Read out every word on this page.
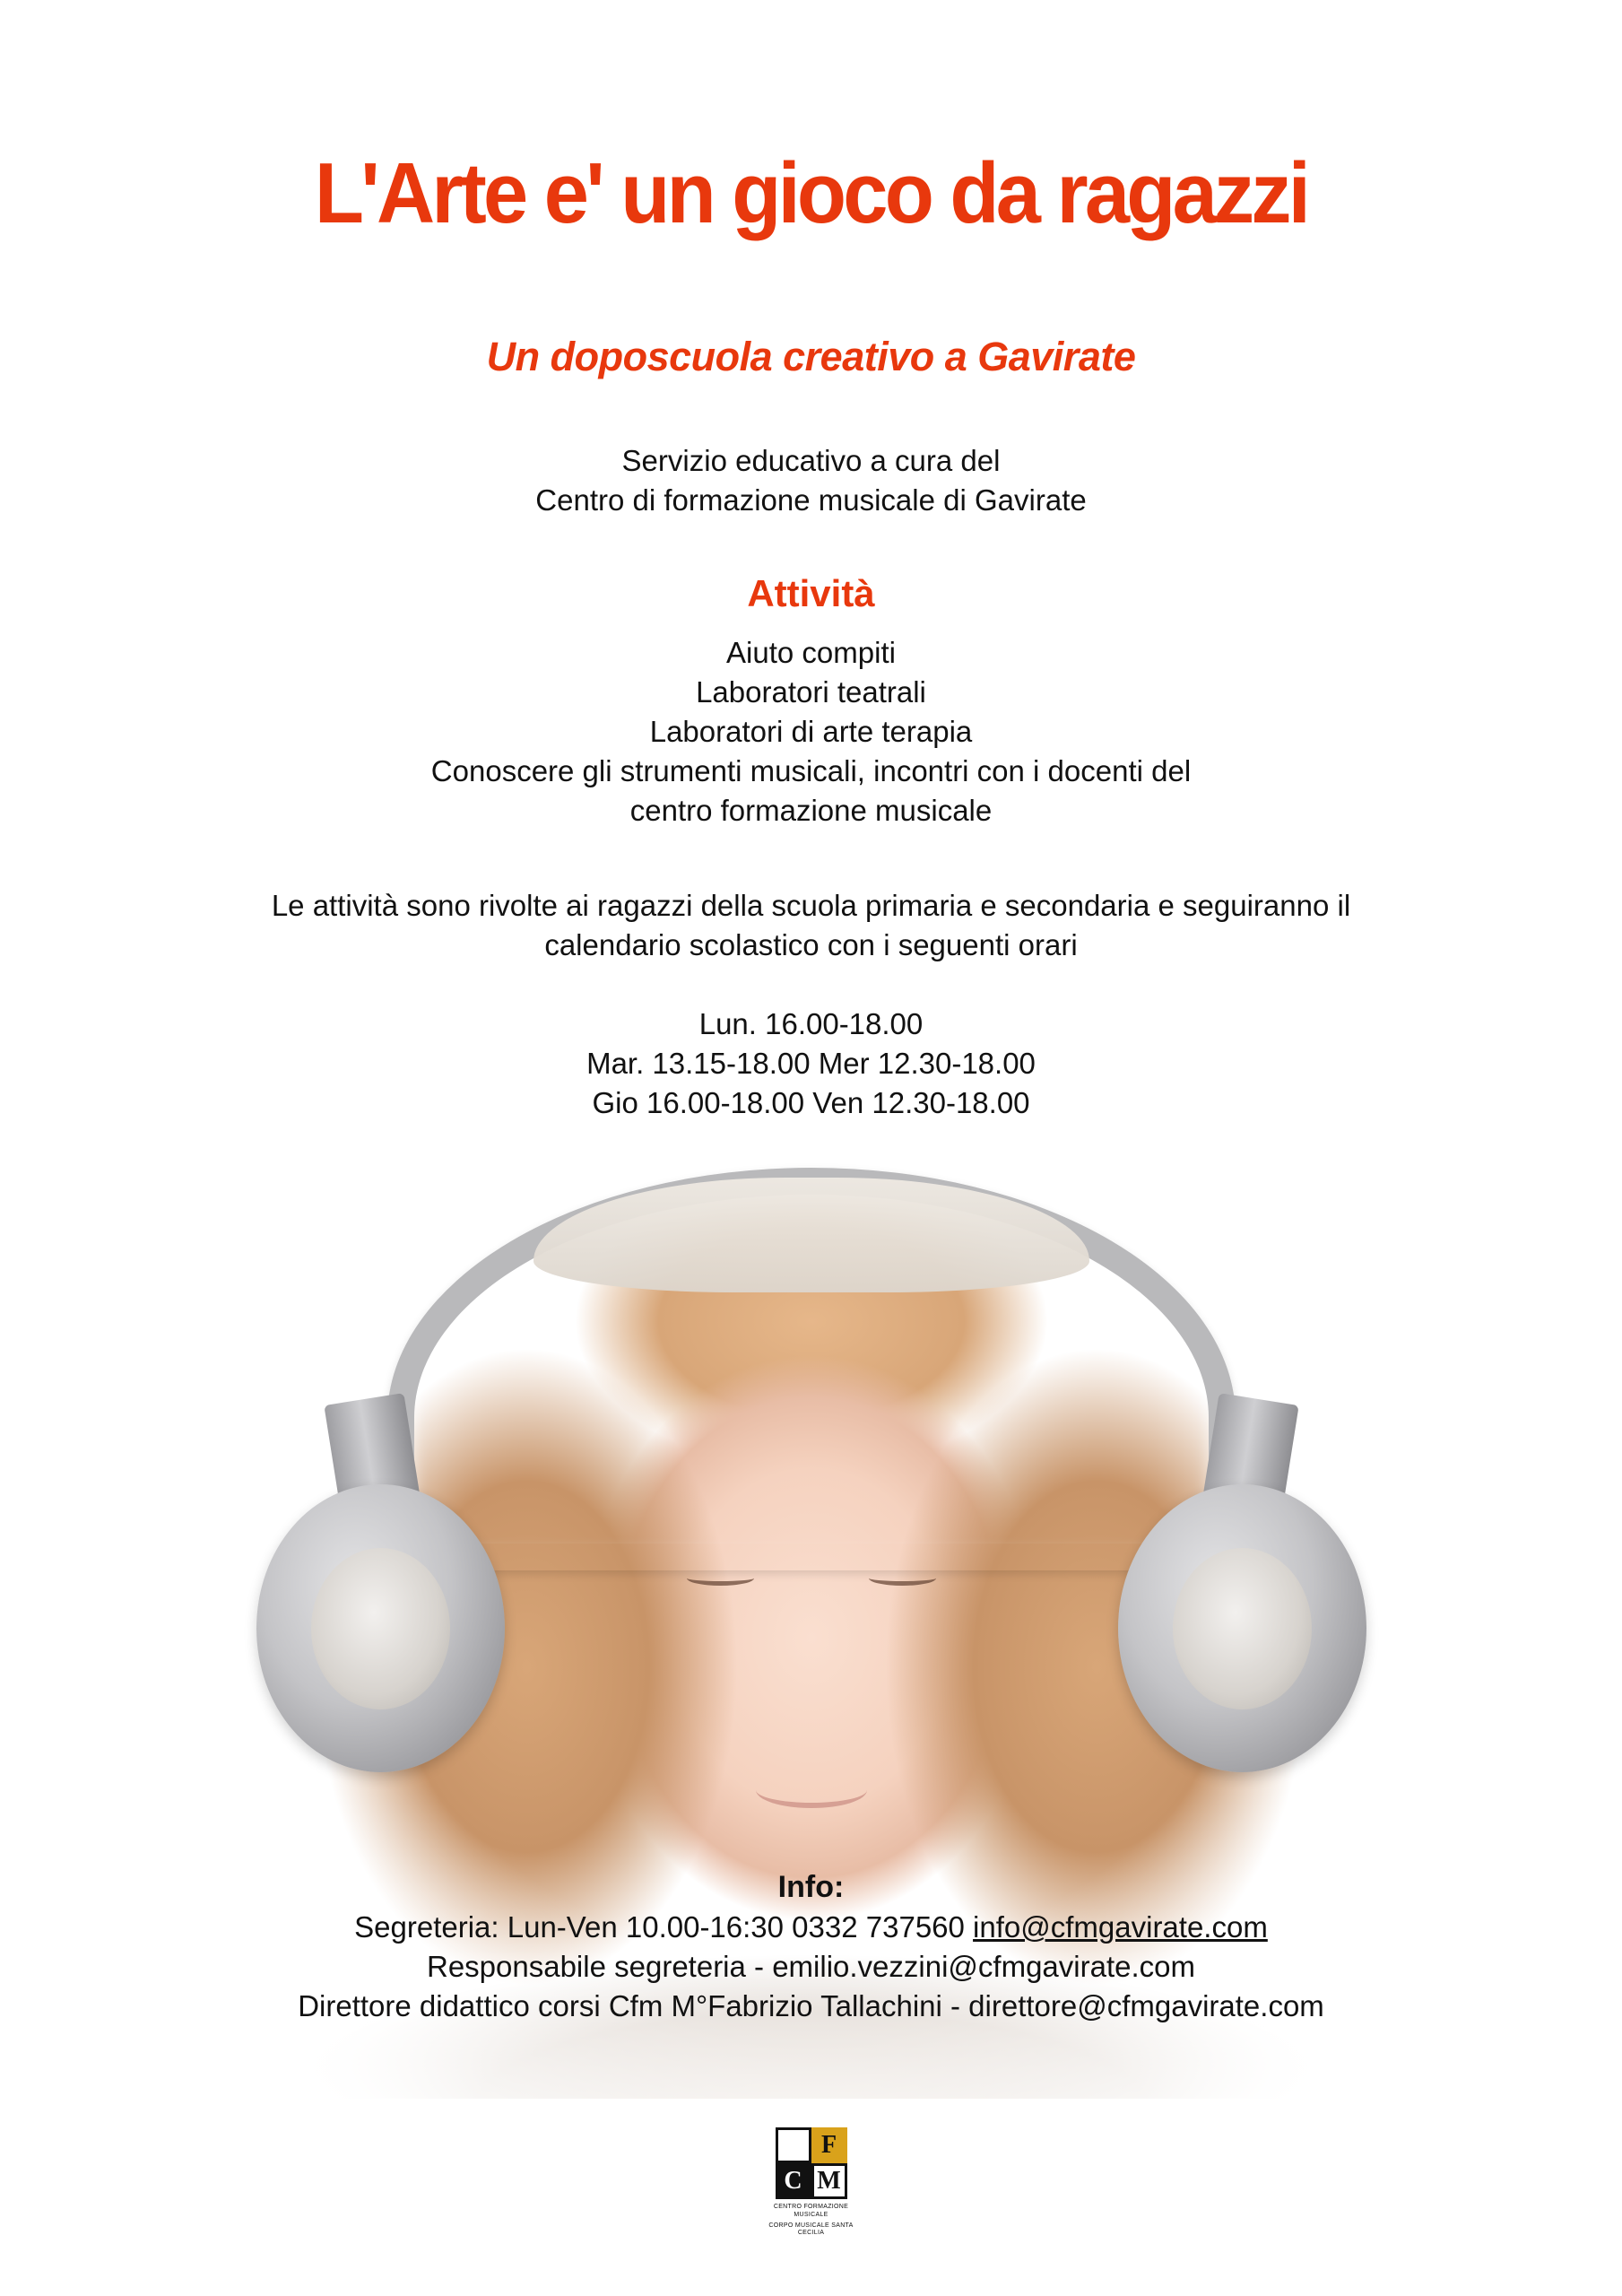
L'Arte e' un gioco da ragazzi
Un doposcuola creativo a Gavirate
Servizio educativo a cura del
Centro di formazione musicale di Gavirate
Attività
Aiuto compiti
Laboratori teatrali
Laboratori di arte terapia
Conoscere gli strumenti musicali, incontri con i docenti del
centro formazione musicale
Le attività sono rivolte ai ragazzi della scuola primaria e secondaria e seguiranno il
calendario scolastico con i seguenti orari
Lun. 16.00-18.00
Mar. 13.15-18.00 Mer 12.30-18.00
Gio 16.00-18.00 Ven 12.30-18.00
Info:
Segreteria: Lun-Ven 10.00-16:30 0332 737560 info@cfmgavirate.com
Responsabile segreteria - emilio.vezzini@cfmgavirate.com
Direttore didattico corsi Cfm M°Fabrizio Tallachini - direttore@cfmgavirate.com
F
C M
CENTRO FORMAZIONE MUSICALE
CORPO MUSICALE SANTA CECILIA
